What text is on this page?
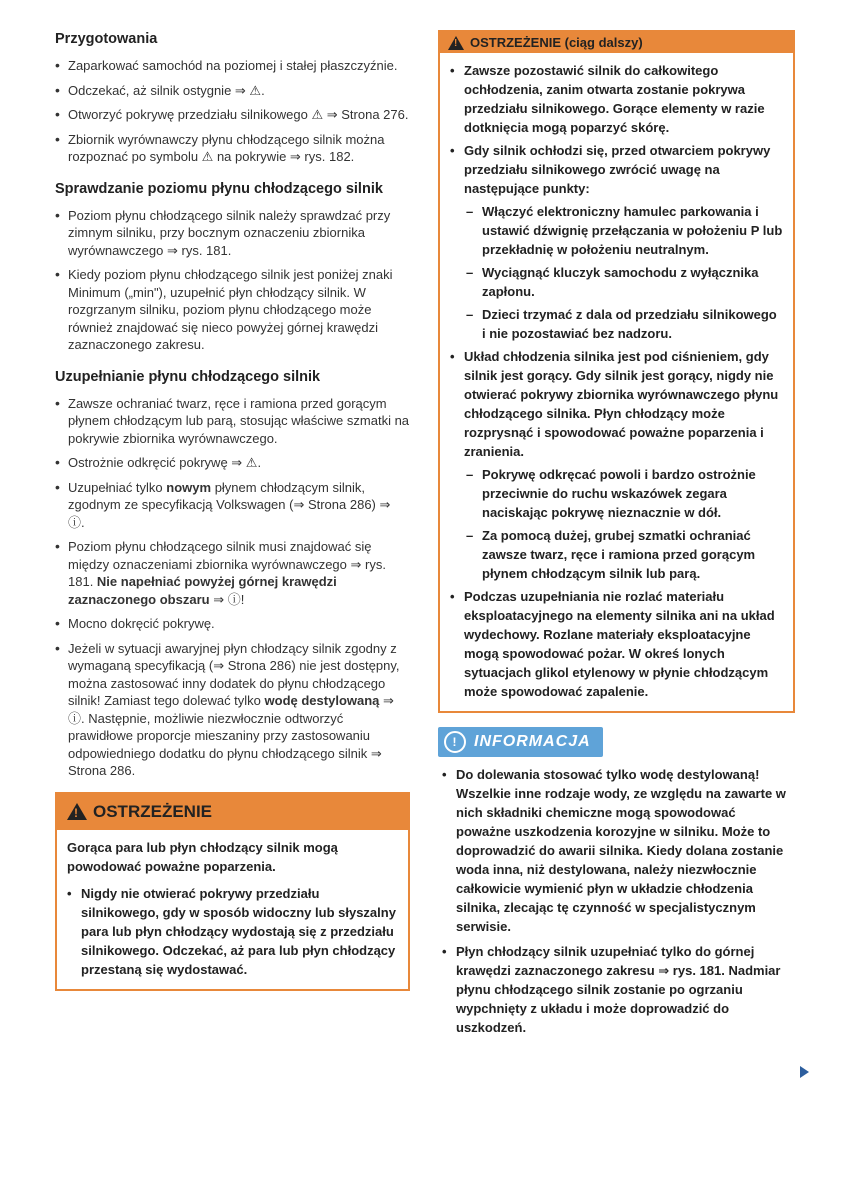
Przygotowania
• Zaparkować samochód na poziomej i stałej płaszczyźnie.
• Odczekać, aż silnik ostygnie ⇒ ⚠.
• Otworzyć pokrywę przedziału silnikowego ⚠ ⇒ Strona 276.
• Zbiornik wyrównawczy płynu chłodzącego silnik można rozpoznać po symbolu ⚠ na pokrywie ⇒ rys. 182.
Sprawdzanie poziomu płynu chłodzącego silnik
• Poziom płynu chłodzącego silnik należy sprawdzać przy zimnym silniku, przy bocznym oznaczeniu zbiornika wyrównawczego ⇒ rys. 181.
• Kiedy poziom płynu chłodzącego silnik jest poniżej znaki Minimum („min"), uzupełnić płyn chłodzący silnik. W rozgrzanym silniku, poziom płynu chłodzącego może również znajdować się nieco powyżej górnej krawędzi zaznaczonego zakresu.
Uzupełnianie płynu chłodzącego silnik
• Zawsze ochraniać twarz, ręce i ramiona przed gorącym płynem chłodzącym lub parą, stosując właściwe szmatki na pokrywie zbiornika wyrównawczego.
• Ostrożnie odkręcić pokrywę ⇒ ⚠.
• Uzupełniać tylko nowym płynem chłodzącym silnik, zgodnym ze specyfikacją Volkswagen (⇒ Strona 286) ⇒ ⓘ.
• Poziom płynu chłodzącego silnik musi znajdować się między oznaczeniami zbiornika wyrównawczego ⇒ rys. 181. Nie napełniać powyżej górnej krawędzi zaznaczonego obszaru ⇒ ⓘ!
• Mocno dokręcić pokrywę.
• Jeżeli w sytuacji awaryjnej płyn chłodzący silnik zgodny z wymaganą specyfikacją (⇒ Strona 286) nie jest dostępny, można zastosować inny dodatek do płynu chłodzącego silnik! Zamiast tego dolewać tylko wodę destylowaną ⇒ ⓘ. Następnie, możliwie niezwłocznie odtworzyć prawidłowe proporcje mieszaniny przy zastosowaniu odpowiedniego dodatku do płynu chłodzącego silnik ⇒ Strona 286.
!
OSTRZEŻENIE

Gorąca para lub płyn chłodzący silnik mogą powodować poważne poparzenia.

• Nigdy nie otwierać pokrywy przedziału silnikowego, gdy w sposób widoczny lub słyszalny para lub płyn chłodzący wydostają się z przedziału silnikowego. Odczekać, aż para lub płyn chłodzący przestaną się wydostawać.
!
OSTRZEŻENIE (ciąg dalszy)
• Zawsze pozostawić silnik do całkowitego ochłodzenia, zanim otwarta zostanie pokrywa przedziału silnikowego. Gorące elementy w razie dotknięcia mogą poparzyć skórę.
• Gdy silnik ochłodzi się, przed otwarciem pokrywy przedziału silnikowego zwrócić uwagę na następujące punkty:
– Włączyć elektroniczny hamulec parkowania i ustawić dźwignię przełączania w położeniu P lub przekładnię w położeniu neutralnym.
– Wyciągnąć kluczyk samochodu z wyłącznika zapłonu.
– Dzieci trzymać z dala od przedziału silnikowego i nie pozostawiać bez nadzoru.
• Układ chłodzenia silnika jest pod ciśnieniem, gdy silnik jest gorący. Gdy silnik jest gorący, nigdy nie otwierać pokrywy zbiornika wyrównawczego płynu chłodzącego silnika. Płyn chłodzący może rozprysnąć i spowodować poważne poparzenia i zranienia.
– Pokrywę odkręcać powoli i bardzo ostrożnie przeciwnie do ruchu wskazówek zegara naciskając pokrywę nieznacznie w dół.
– Za pomocą dużej, grubej szmatki ochraniać zawsze twarz, ręce i ramiona przed gorącym płynem chłodzącym silnik lub parą.
• Podczas uzupełniania nie rozlać materiału eksploatacyjnego na elementy silnika ani na układ wydechowy. Rozlane materiały eksploatacyjne mogą spowodować pożar. W okreś lonych sytuacjach glikol etylenowy w płynie chłodzącym może spowodować zapalenie.
!	INFORMACJA
• Do dolewania stosować tylko wodę destylowaną! Wszelkie inne rodzaje wody, ze względu na zawarte w nich składniki chemiczne mogą spowodować poważne uszkodzenia korozyjne w silniku. Może to doprowadzić do awarii silnika. Kiedy dolana zostanie woda inna, niż destylowana, należy niezwłocznie całkowicie wymienić płyn w układzie chłodzenia silnika, zlecając tę czynność w specjalistycznym serwisie.
• Płyn chłodzący silnik uzupełniać tylko do górnej krawędzi zaznaczonego zakresu ⇒ rys. 181. Nadmiar płynu chłodzącego silnik zostanie po ogrzaniu wypchnięty z układu i może doprowadzić do uszkodzeń.
